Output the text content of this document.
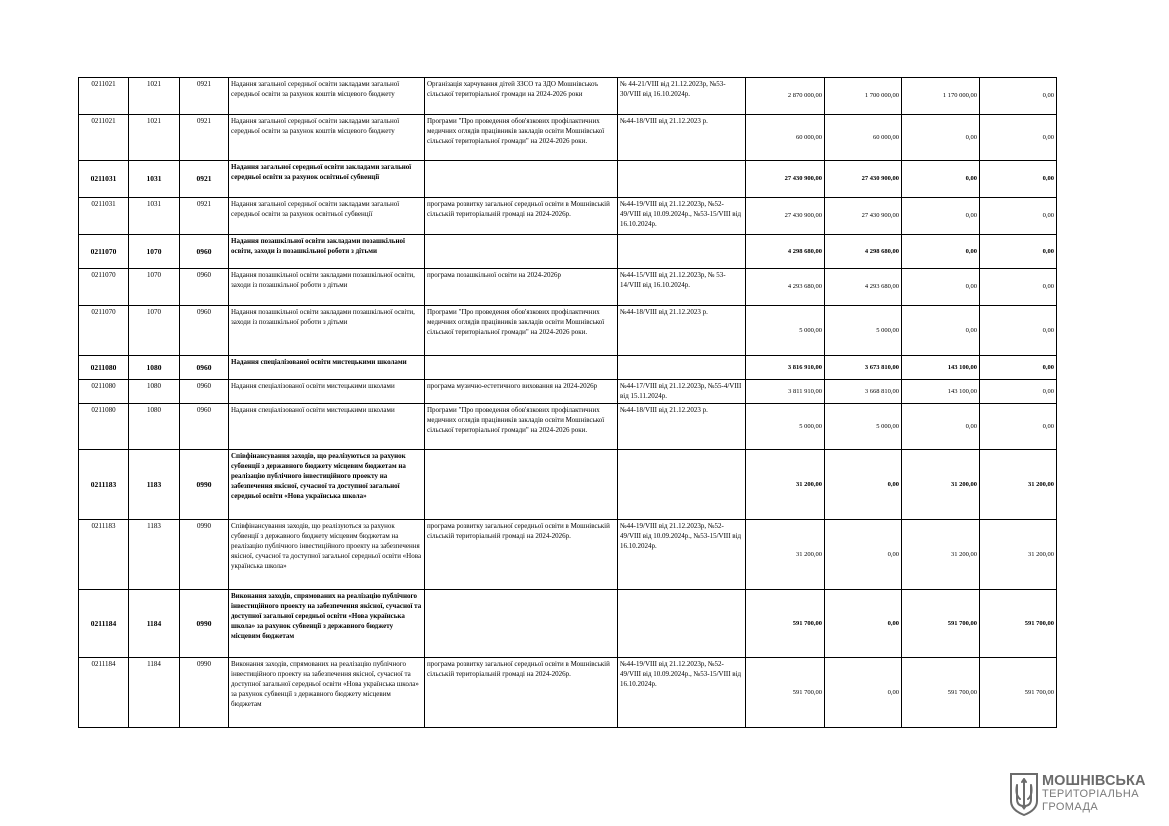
0211021	1021	0921	Надання загальної середньої освіти закладами загальної середньої освіти за рахунок коштів місцевого бюджету	Організація харчування дітей ЗЗСО та ЗДО Мошнівськоъ сільської територіальної громади на 2024-2026 роки	№ 44-21/VIII від 21.12.2023р, №53-30/VIII від 16.10.2024р.	2 870 000,00	1 700 000,00	1 170 000,00	0,00
0211021	1021	0921	Надання загальної середньої освіти закладами загальної середньої освіти за рахунок коштів місцевого бюджету	Програми "Про проведення обов'язкових профілактичних медичних оглядів працівників закладів освіти Мошнівської сільської територіальної громади" на 2024-2026 роки.	№44-18/VIII від 21.12.2023 р.	60 000,00	60 000,00	0,00	0,00
0211031	1031	0921	Надання загальної середньої освіти закладами загальної середньої освіти за рахунок освітньої субвенції			27 430 900,00	27 430 900,00	0,00	0,00
0211031	1031	0921	Надання загальної середньої освіти закладами загальної середньої освіти за рахунок освітньої субвенції	програма розвитку загальної середньої освіти в Мошнівській сільській територіальній громаді на 2024-2026р.	№44-19/VIII від 21.12.2023р, №52-49/VIII від 10.09.2024р., №53-15/VIII від 16.10.2024р.	27 430 900,00	27 430 900,00	0,00	0,00
0211070	1070	0960	Надання позашкільної освіти закладами позашкільної освіти, заходи із позашкільної роботи з дітьми			4 298 680,00	4 298 680,00	0,00	0,00
0211070	1070	0960	Надання позашкільної освіти закладами позашкільної освіти, заходи із позашкільної роботи з дітьми	програма позашкільної освіти на 2024-2026р	№44-15/VIII від 21.12.2023р, № 53-14/VIII від 16.10.2024р.	4 293 680,00	4 293 680,00	0,00	0,00
0211070	1070	0960	Надання позашкільної освіти закладами позашкільної освіти, заходи із позашкільної роботи з дітьми	Програми "Про проведення обов'язкових профілактичних медичних оглядів працівників закладів освіти Мошнівської сільської територіальної громади" на 2024-2026 роки.	№44-18/VIII від 21.12.2023 р.	5 000,00	5 000,00	0,00	0,00
0211080	1080	0960	Надання спеціалізованої освіти мистецькими школами			3 816 910,00	3 673 810,00	143 100,00	0,00
0211080	1080	0960	Надання спеціалізованої освіти мистецькими школами	програма музично-естетичного виховання на 2024-2026р	№44-17/VIII від 21.12.2023р, №55-4/VIII від 15.11.2024р.	3 811 910,00	3 668 810,00	143 100,00	0,00
0211080	1080	0960	Надання спеціалізованої освіти мистецькими школами	Програми "Про проведення обов'язкових профілактичних медичних оглядів працівників закладів освіти Мошнівської сільської територіальної громади" на 2024-2026 роки.	№44-18/VIII від 21.12.2023 р.	5 000,00	5 000,00	0,00	0,00
0211183	1183	0990	Співфінансування заходів, що реалізуються за рахунок субвенції з державного бюджету місцевим бюджетам на реалізацію публічного інвестиційного проекту на забезпечення якісної, сучасної та доступної загальної середньої освіти «Нова українська школа»			31 200,00	0,00	31 200,00	31 200,00
0211183	1183	0990	Співфінансування заходів, що реалізуються за рахунок субвенції з державного бюджету місцевим бюджетам на реалізацію публічного інвестиційного проекту на забезпечення якісної, сучасної та доступної загальної середньої освіти «Нова українська школа»	програма розвитку загальної середньої освіти в Мошнівській сільській територіальній громаді на 2024-2026р.	№44-19/VIII від 21.12.2023р, №52-49/VIII від 10.09.2024р., №53-15/VIII від 16.10.2024р.	31 200,00	0,00	31 200,00	31 200,00
0211184	1184	0990	Виконання заходів, спрямованих на реалізацію публічного інвестиційного проекту на забезпечення якісної, сучасної та доступної загальної середньої освіти «Нова українська школа» за рахунок субвенції з державного бюджету місцевим бюджетам			591 700,00	0,00	591 700,00	591 700,00
0211184	1184	0990	Виконання заходів, спрямованих на реалізацію публічного інвестиційного проекту на забезпечення якісної, сучасної та доступної загальної середньої освіти «Нова українська школа» за рахунок субвенції з державного бюджету місцевим бюджетам	програма розвитку загальної середньої освіти в Мошнівській сільській територіальній громаді на 2024-2026р.	№44-19/VIII від 21.12.2023р, №52-49/VIII від 10.09.2024р., №53-15/VIII від 16.10.2024р.	591 700,00	0,00	591 700,00	591 700,00
МОШНІВСЬКА
ТЕРИТОРІАЛЬНА
ГРОМАДА
